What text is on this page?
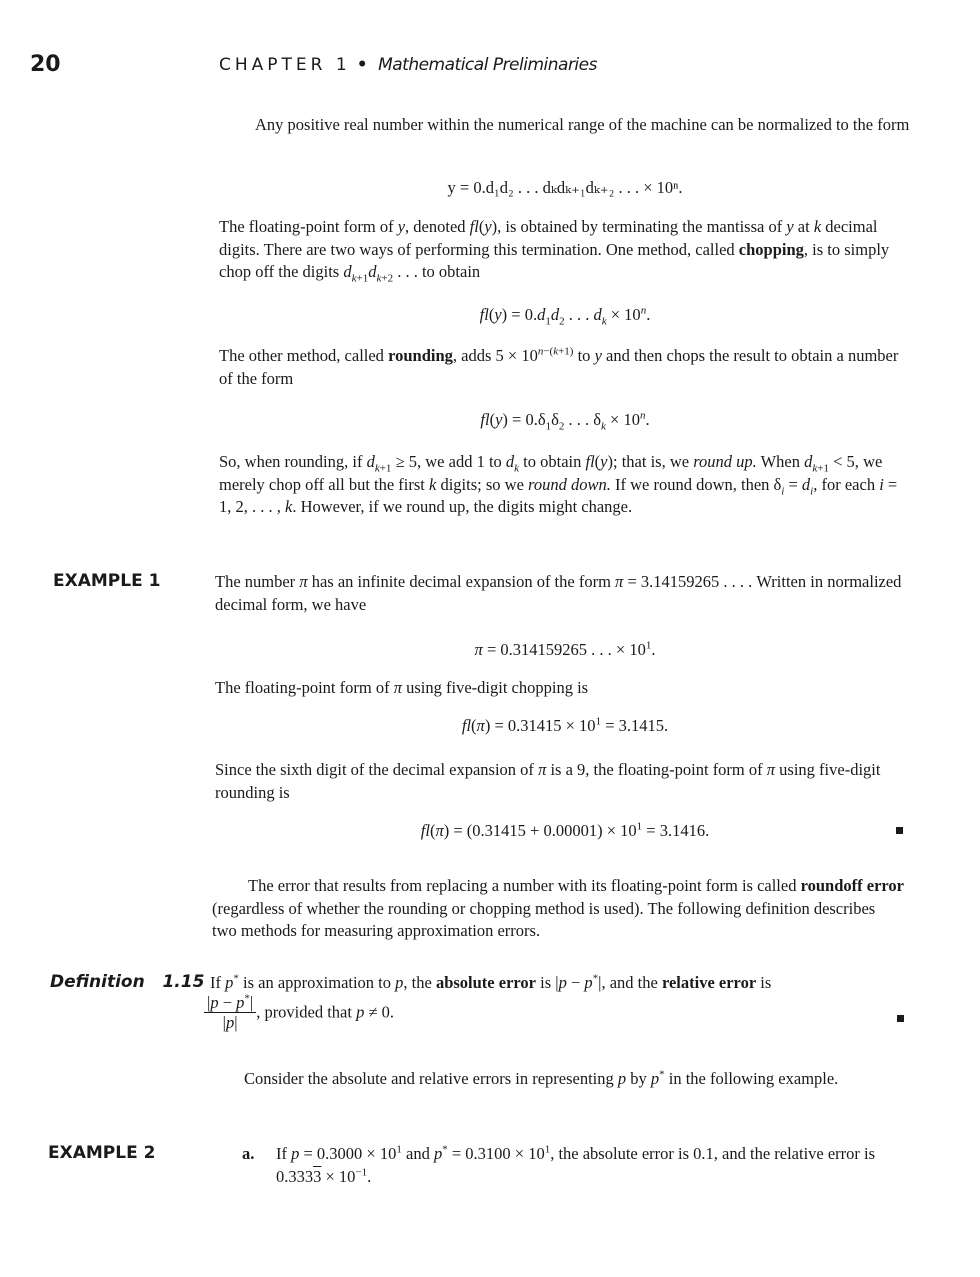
20	CHAPTER 1 • Mathematical Preliminaries
Any positive real number within the numerical range of the machine can be normalized to the form
y = 0.d₁d₂ . . . dₖdₖ₊₁dₖ₊₂ . . . × 10ⁿ.
The floating-point form of y, denoted fl(y), is obtained by terminating the mantissa of y at k decimal digits. There are two ways of performing this termination. One method, called chopping, is to simply chop off the digits $d_{k+1}d_{k+2}$ . . . to obtain
$fl(y) = 0.d_1d_2$ . . . $d_k \times 10^n$.
The other method, called rounding, adds $5 \times 10^{n-(k+1)}$ to y and then chops the result to obtain a number of the form
$fl(y) = 0.\delta_1\delta_2$ . . . $\delta_k \times 10^n$.
So, when rounding, if $d_{k+1} \ge 5$, we add 1 to $d_k$ to obtain fl(y); that is, we round up. When $d_{k+1} < 5$, we merely chop off all but the first k digits; so we round down. If we round down, then $\delta_i = d_i$, for each i = 1, 2, . . . , k. However, if we round up, the digits might change.
EXAMPLE 1	The number π has an infinite decimal expansion of the form π = 3.14159265 . . . . Written in normalized decimal form, we have
π = 0.314159265 . . . × $10^1$.
The floating-point form of π using five-digit chopping is
$fl(\pi) = 0.31415 \times 10^1 = 3.1415$.
Since the sixth digit of the decimal expansion of π is a 9, the floating-point form of π using five-digit rounding is
$fl(\pi) = (0.31415 + 0.00001) \times 10^1 = 3.1416$.
The error that results from replacing a number with its floating-point form is called roundoff error (regardless of whether the rounding or chopping method is used). The following definition describes two methods for measuring approximation errors.
Definition 1.15 If p* is an approximation to p, the absolute error is |p − p*|, and the relative error is
$\frac{|p - p^*|}{|p|}$ , provided that p ≠ 0.
Consider the absolute and relative errors in representing p by p* in the following example.
EXAMPLE 2	a. If $p = 0.3000 \times 10^1$ and $p^* = 0.3100 \times 10^1$, the absolute error is 0.1, and the relative error is $0.3333 \times 10^{-1}$.
